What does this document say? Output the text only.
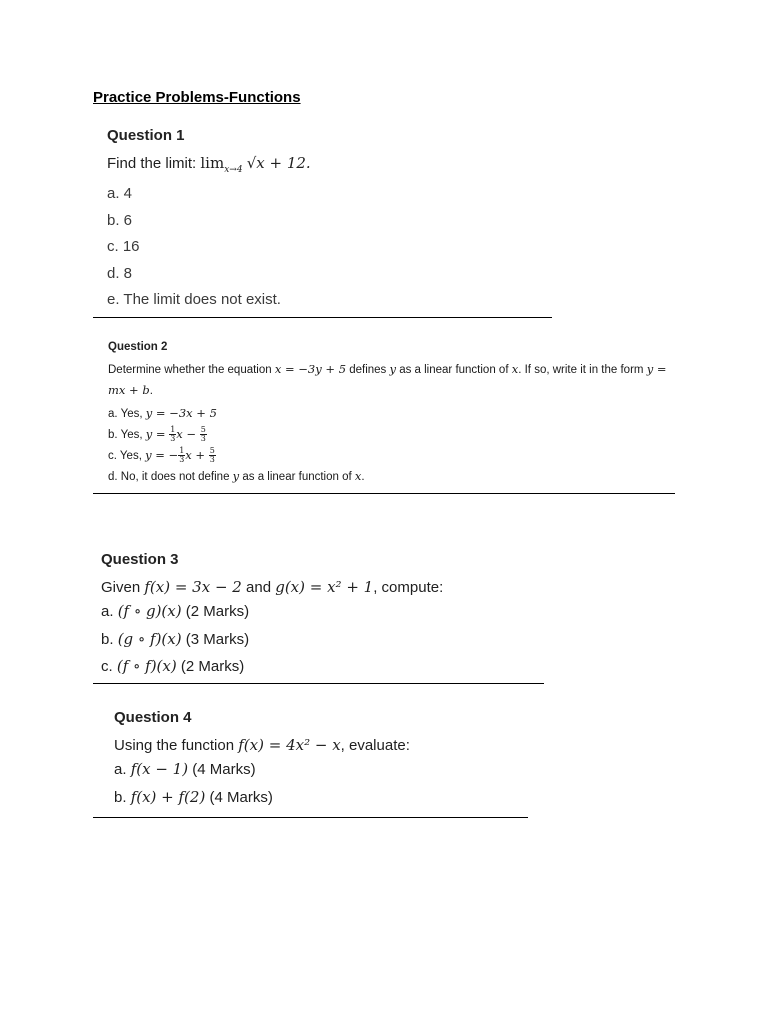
Practice Problems-Functions
Question 1

Find the limit: $\lim_{x\to 4} √x + 12$.

a. 4
b. 6
c. 16
d. 8
e. The limit does not exist.
Question 2

Determine whether the equation x = −3y + 5 defines y as a linear function of x. If so, write it in the form y = mx + b.

a. Yes, y = −3x + 5
b. Yes, $y = \frac{1}{3}$ $x - \frac{5}{3}$
c. Yes, y = − $\frac{1}{3}$ $x + \frac{5}{3}$
d. No, it does not define y as a linear function of x.
Question 3

Given f(x) = 3x − 2 and g(x) = x² + 1, compute:

a. (f ∘ g)(x) (2 Marks)
b. (g ∘ f)(x) (3 Marks)
c. (f ∘ f)(x) (2 Marks)
Question 4

Using the function f(x) = 4x² − x, evaluate:

a. f(x − 1) (4 Marks)
b. f(x) + f(2) (4 Marks)
